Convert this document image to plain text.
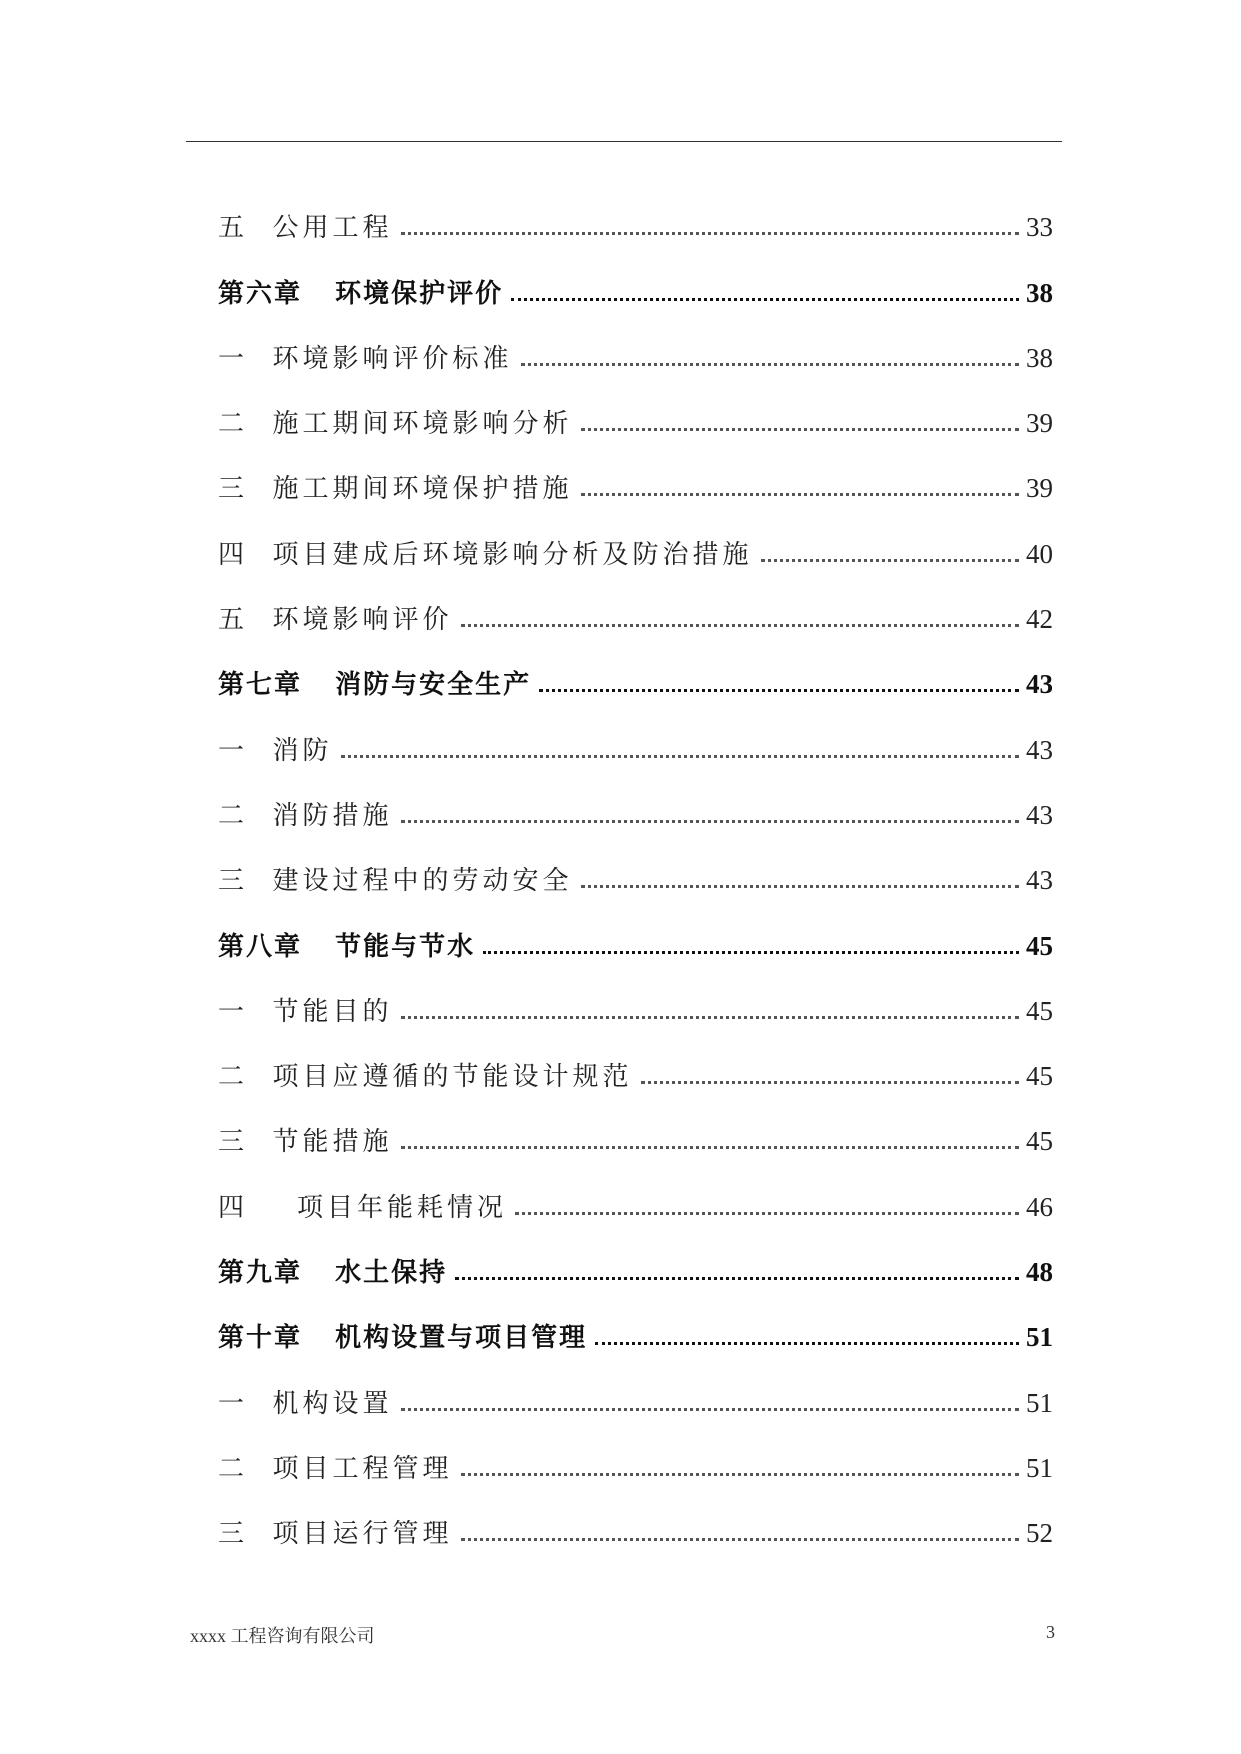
五  公用工程	33
第六章   环境保护评价	38
一  环境影响评价标准	38
二  施工期间环境影响分析	39
三  施工期间环境保护措施	39
四  项目建成后环境影响分析及防治措施	40
五  环境影响评价	42
第七章   消防与安全生产	43
一  消防	43
二  消防措施	43
三  建设过程中的劳动安全	43
第八章   节能与节水	45
一  节能目的	45
二  项目应遵循的节能设计规范	45
三  节能措施	45
四    项目年能耗情况	46
第九章   水土保持	48
第十章   机构设置与项目管理	51
一  机构设置	51
二  项目工程管理	51
三  项目运行管理	52
xxxx 工程咨询有限公司	3
